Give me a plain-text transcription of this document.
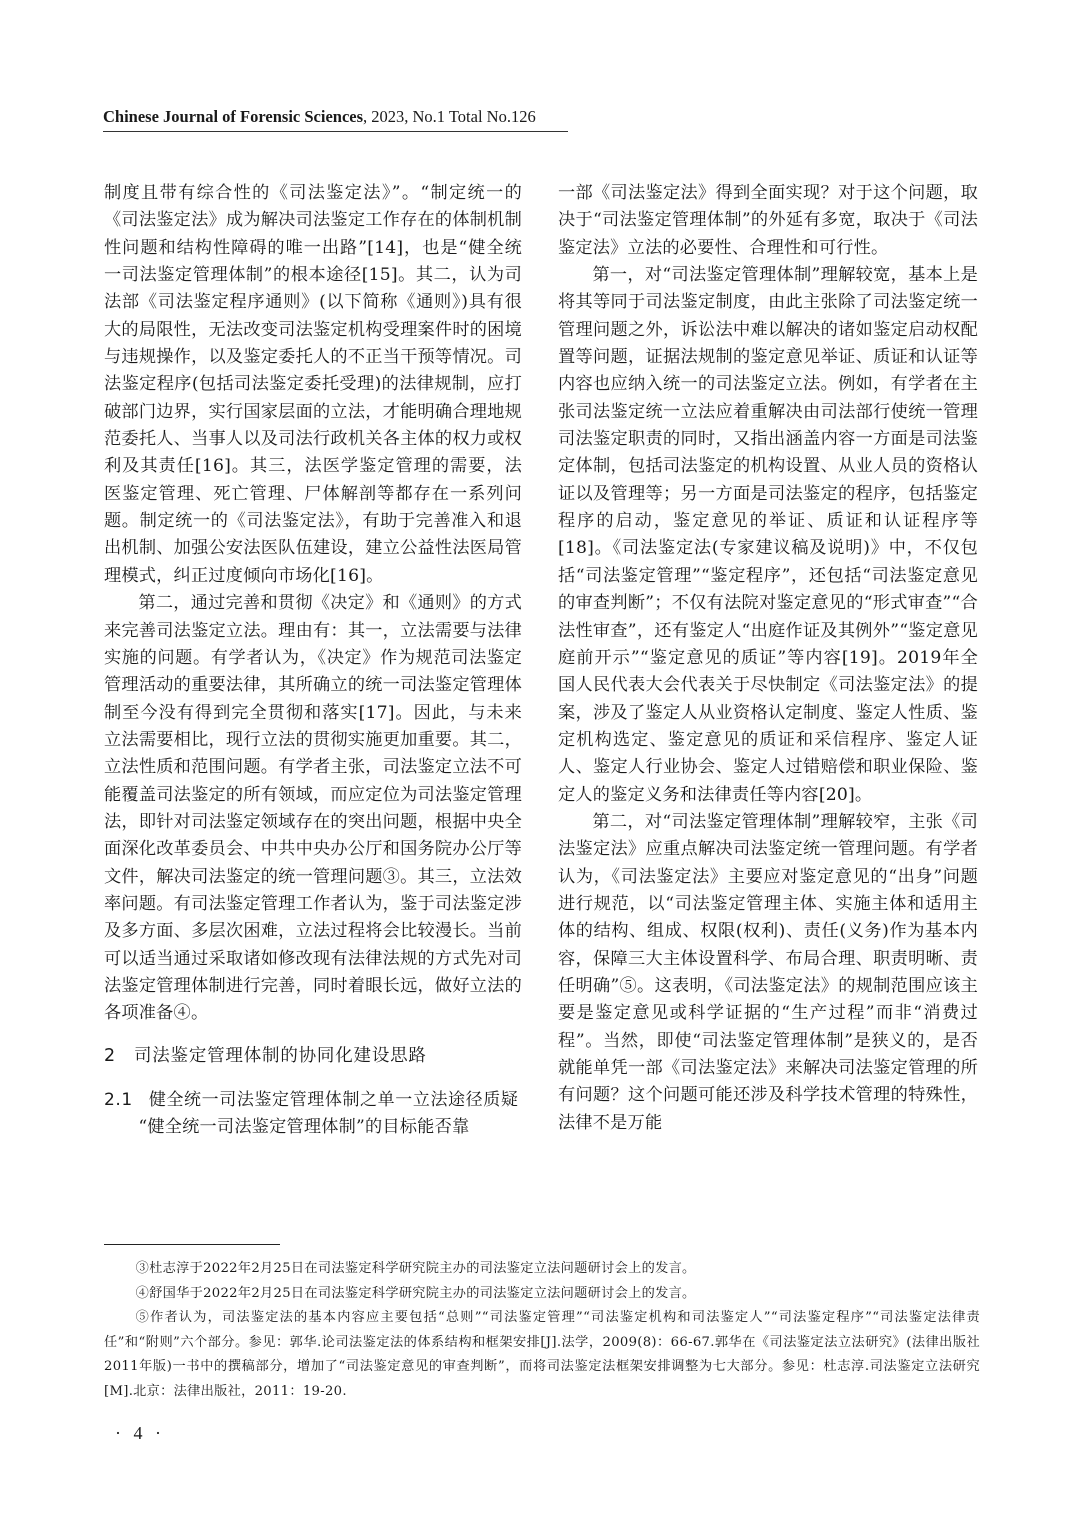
Chinese Journal of Forensic Sciences, 2023, No.1 Total No.126

制度且带有综合性的《司法鉴定法》”。“制定统一的《司法鉴定法》成为解决司法鉴定工作存在的体制机制性问题和结构性障碍的唯一出路”[14]，也是“健全统一司法鉴定管理体制”的根本途径[15]。其二，认为司法部《司法鉴定程序通则》(以下简称《通则》)具有很大的局限性，无法改变司法鉴定机构受理案件时的困境与违规操作，以及鉴定委托人的不正当干预等情况。司法鉴定程序(包括司法鉴定委托受理)的法律规制，应打破部门边界，实行国家层面的立法，才能明确合理地规范委托人、当事人以及司法行政机关各主体的权力或权利及其责任[16]。其三，法医学鉴定管理的需要，法医鉴定管理、死亡管理、尸体解剖等都存在一系列问题。制定统一的《司法鉴定法》，有助于完善准入和退出机制、加强公安法医队伍建设，建立公益性法医局管理模式，纠正过度倾向市场化[16]。

第二，通过完善和贯彻《决定》和《通则》的方式来完善司法鉴定立法。理由有：其一，立法需要与法律实施的问题。有学者认为，《决定》作为规范司法鉴定管理活动的重要法律，其所确立的统一司法鉴定管理体制至今没有得到完全贯彻和落实[17]。因此，与未来立法需要相比，现行立法的贯彻实施更加重要。其二，立法性质和范围问题。有学者主张，司法鉴定立法不可能覆盖司法鉴定的所有领域，而应定位为司法鉴定管理法，即针对司法鉴定领域存在的突出问题，根据中央全面深化改革委员会、中共中央办公厅和国务院办公厅等文件，解决司法鉴定的统一管理问题③。其三，立法效率问题。有司法鉴定管理工作者认为，鉴于司法鉴定涉及多方面、多层次困难，立法过程将会比较漫长。当前可以适当通过采取诸如修改现有法律法规的方式先对司法鉴定管理体制进行完善，同时着眼长远，做好立法的各项准备④。

2 司法鉴定管理体制的协同化建设思路
2.1 健全统一司法鉴定管理体制之单一立法途径质疑

“健全统一司法鉴定管理体制”的目标能否靠

一部《司法鉴定法》得到全面实现？对于这个问题，取决于“司法鉴定管理体制”的外延有多宽，取决于《司法鉴定法》立法的必要性、合理性和可行性。

第一，对“司法鉴定管理体制”理解较宽，基本上是将其等同于司法鉴定制度，由此主张除了司法鉴定统一管理问题之外，诉讼法中难以解决的诸如鉴定启动权配置等问题，证据法规制的鉴定意见举证、质证和认证等内容也应纳入统一的司法鉴定立法。例如，有学者在主张司法鉴定统一立法应着重解决由司法部行使统一管理司法鉴定职责的同时，又指出涵盖内容一方面是司法鉴定体制，包括司法鉴定的机构设置、从业人员的资格认证以及管理等；另一方面是司法鉴定的程序，包括鉴定程序的启动，鉴定意见的举证、质证和认证程序等[18]。《司法鉴定法(专家建议稿及说明)》中，不仅包括“司法鉴定管理”“鉴定程序”，还包括“司法鉴定意见的审查判断”；不仅有法院对鉴定意见的“形式审查”“合法性审查”，还有鉴定人“出庭作证及其例外”“鉴定意见庭前开示”“鉴定意见的质证”等内容[19]。2019年全国人民代表大会代表关于尽快制定《司法鉴定法》的提案，涉及了鉴定人从业资格认定制度、鉴定人性质、鉴定机构选定、鉴定意见的质证和采信程序、鉴定人证人、鉴定人行业协会、鉴定人过错赔偿和职业保险、鉴定人的鉴定义务和法律责任等内容[20]。

第二，对“司法鉴定管理体制”理解较窄，主张《司法鉴定法》应重点解决司法鉴定统一管理问题。有学者认为，《司法鉴定法》主要应对鉴定意见的“出身”问题进行规范，以“司法鉴定管理主体、实施主体和适用主体的结构、组成、权限(权利)、责任(义务)作为基本内容，保障三大主体设置科学、布局合理、职责明晰、责任明确”⑤。这表明，《司法鉴定法》的规制范围应该主要是鉴定意见或科学证据的“生产过程”而非“消费过程”。当然，即使“司法鉴定管理体制”是狭义的，是否就能单凭一部《司法鉴定法》来解决司法鉴定管理的所有问题？这个问题可能还涉及科学技术管理的特殊性，法律不是万能

③杜志淳于2022年2月25日在司法鉴定科学研究院主办的司法鉴定立法问题研讨会上的发言。

④舒国华于2022年2月25日在司法鉴定科学研究院主办的司法鉴定立法问题研讨会上的发言。

⑤作者认为，司法鉴定法的基本内容应主要包括“总则”“司法鉴定管理”“司法鉴定机构和司法鉴定人”“司法鉴定程序”“司法鉴定法律责任”和“附则”六个部分。参见：郭华.论司法鉴定法的体系结构和框架安排[J].法学，2009(8)：66-67.郭华在《司法鉴定法立法研究》(法律出版社2011年版)一书中的撰稿部分，增加了“司法鉴定意见的审查判断”，而将司法鉴定法框架安排调整为七大部分。参见：杜志淳.司法鉴定立法研究[M].北京：法律出版社，2011：19-20.

· 4 ·
